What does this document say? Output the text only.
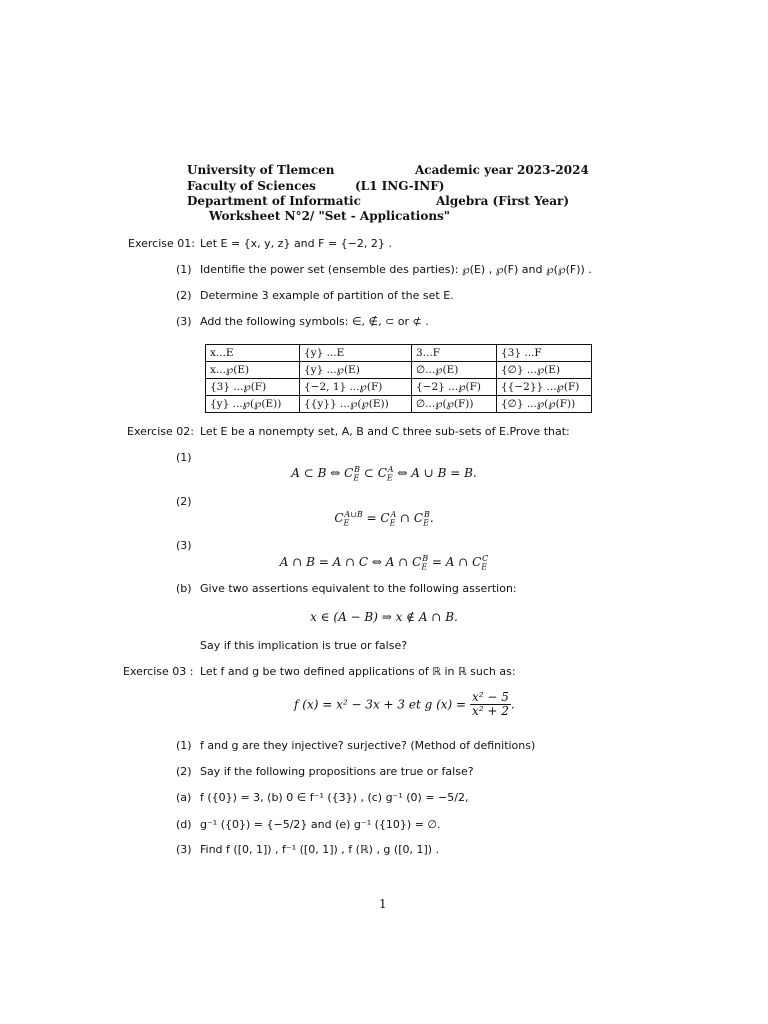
University of Tlemcen	Academic year 2023-2024
Faculty of Sciences	(L1 ING-INF)
Department of Informatic	Algebra (First Year)
Worksheet N°2/ "Set - Applications"
Exercise 01: Let E = {x, y, z} and F = {−2, 2} .
(1) Identifie the power set (ensemble des parties): ℘(E) , ℘(F) and ℘(℘(F)) .
(2) Determine 3 example of partition of the set E.
(3) Add the following symbols: ∈, ∉, ⊂ or ⊄ .
x...E	{y} ...E	3...F	{3} ...F
x...℘(E)	{y} ...℘(E)	∅...℘(E)	{∅} ...℘(E)
{3} ...℘(F)	{−2, 1} ...℘(F)	{−2} ...℘(F)	{{−2}} ...℘(F)
{y} ...℘(℘(E))	{{y}} ...℘(℘(E))	∅...℘(℘(F))	{∅} ...℘(℘(F))
Exercise 02: Let E be a nonempty set, A, B and C three sub-sets of E.Prove that:
(1)
A ⊂ B ⇔ $C_E^B$ ⊂ $C_E^A$ ⇔ A ∪ B = B.
(2)
$C_E^{A\cup B} = C_E^A$ ∩ $C_E^B$.
(3)
A ∩ B = A ∩ C ⇔ A ∩ $C_E^B = A$ ∩ $C_E^C$
(b) Give two assertions equivalent to the following assertion:
x ∈ (A − B) ⇒ x ∉ A ∩ B.
Say if this implication is true or false?
Exercise 03 : Let f and g be two defined applications of ℝ in ℝ such as:
f (x) = x² − 3x + 3 et g $(x) = \frac{\text{x² − 5}}{\text{x² + 2}}$ .
(1) f and g are they injective? surjective? (Method of definitions)
(2) Say if the following propositions are true or false?
(a) f ({0}) = 3, (b) 0 ∈ f⁻¹ ({3}) , (c) g⁻¹ (0) = −5/2,
(d) g⁻¹ ({0}) = {−5/2} and (e) g⁻¹ ({10}) = ∅.
(3) Find f ([0, 1]) , f⁻¹ ([0, 1]) , f (ℝ) , g ([0, 1]) .
1
